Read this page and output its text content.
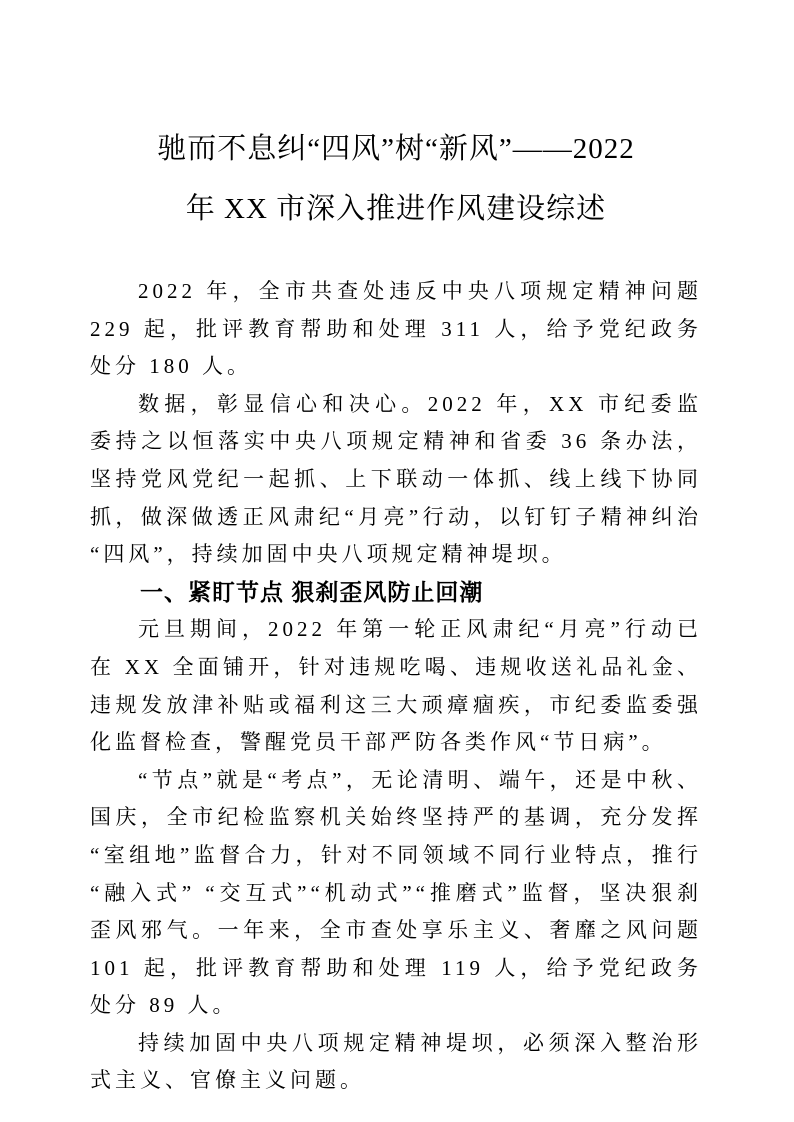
驰而不息纠“四风”树“新风”——2022
年 XX 市深入推进作风建设综述

2022 年，全市共查处违反中央八项规定精神问题229 起，批评教育帮助和处理 311 人，给予党纪政务处分 180 人。

数据，彰显信心和决心。2022 年，XX 市纪委监委持之以恒落实中央八项规定精神和省委 36 条办法，坚持党风党纪一起抓、上下联动一体抓、线上线下协同抓，做深做透正风肃纪“月亮”行动，以钉钉子精神纠治“四风”，持续加固中央八项规定精神堤坝。

一、紧盯节点 狠刹歪风防止回潮

元旦期间，2022 年第一轮正风肃纪“月亮”行动已在 XX 全面铺开，针对违规吃喝、违规收送礼品礼金、违规发放津补贴或福利这三大顽瘴痼疾，市纪委监委强化监督检查，警醒党员干部严防各类作风“节日病”。

“节点”就是“考点”，无论清明、端午，还是中秋、国庆，全市纪检监察机关始终坚持严的基调，充分发挥“室组地”监督合力，针对不同领域不同行业特点，推行“融入式” “交互式”“机动式”“推磨式”监督，坚决狠刹歪风邪气。一年来，全市查处享乐主义、奢靡之风问题 101 起，批评教育帮助和处理 119 人，给予党纪政务处分 89 人。

持续加固中央八项规定精神堤坝，必须深入整治形式主义、官僚主义问题。
